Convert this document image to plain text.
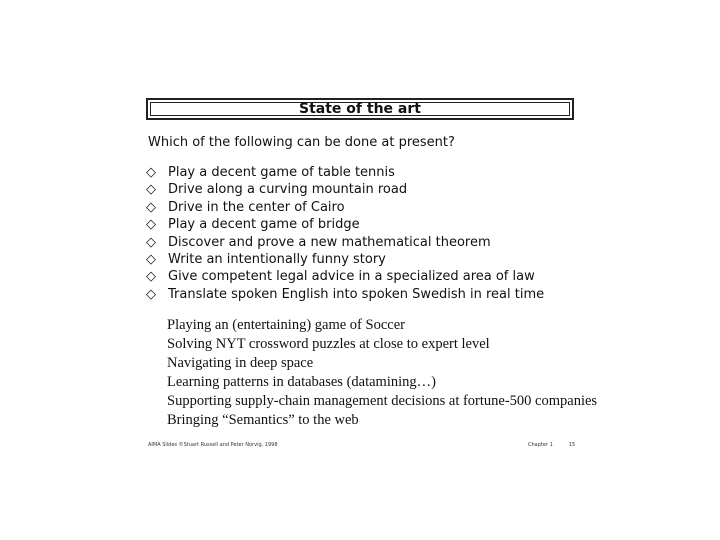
State of the art
Which of the following can be done at present?
◇ Play a decent game of table tennis
◇ Drive along a curving mountain road
◇ Drive in the center of Cairo
◇ Play a decent game of bridge
◇ Discover and prove a new mathematical theorem
◇ Write an intentionally funny story
◇ Give competent legal advice in a specialized area of law
◇ Translate spoken English into spoken Swedish in real time
Playing an (entertaining) game of Soccer
Solving NYT crossword puzzles at close to expert level
Navigating in deep space
Learning patterns in databases (datamining…)
Supporting supply-chain management decisions at fortune-500 companies
Bringing “Semantics” to the web
AIMA Slides ©Stuart Russell and Peter Norvig, 1998	Chapter 1	15
